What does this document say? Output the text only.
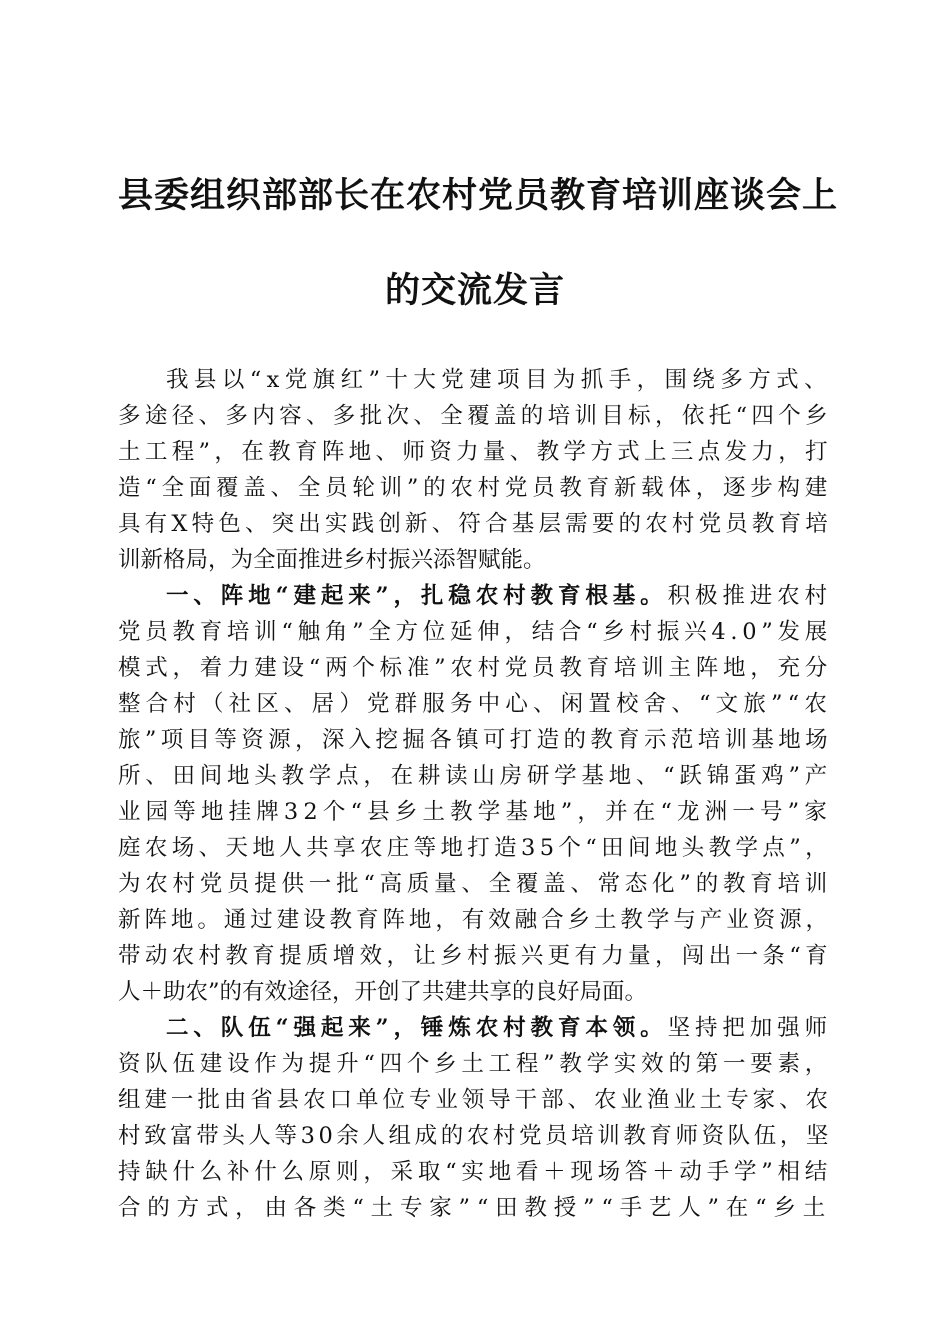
县委组织部部长在农村党员教育培训座谈会上
的交流发言
我县以“x党旗红”十大党建项目为抓手，围绕多方式、
多途径、多内容、多批次、全覆盖的培训目标，依托“四个乡
土工程”，在教育阵地、师资力量、教学方式上三点发力，打
造“全面覆盖、全员轮训”的农村党员教育新载体，逐步构建
具有X特色、突出实践创新、符合基层需要的农村党员教育培
训新格局，为全面推进乡村振兴添智赋能。
一、阵地“建起来”，扎稳农村教育根基。积极推进农村
党员教育培训“触角”全方位延伸，结合“乡村振兴4.0”发展
模式，着力建设“两个标准”农村党员教育培训主阵地，充分
整合村（社区、居）党群服务中心、闲置校舍、“文旅”“农
旅”项目等资源，深入挖掘各镇可打造的教育示范培训基地场
所、田间地头教学点，在耕读山房研学基地、“跃锦蛋鸡”产
业园等地挂牌32个“县乡土教学基地”，并在“龙洲一号”家
庭农场、天地人共享农庄等地打造35个“田间地头教学点”，
为农村党员提供一批“高质量、全覆盖、常态化”的教育培训
新阵地。通过建设教育阵地，有效融合乡土教学与产业资源，
带动农村教育提质增效，让乡村振兴更有力量，闯出一条“育
人＋助农”的有效途径，开创了共建共享的良好局面。
二、队伍“强起来”，锤炼农村教育本领。坚持把加强师
资队伍建设作为提升“四个乡土工程”教学实效的第一要素，
组建一批由省县农口单位专业领导干部、农业渔业土专家、农
村致富带头人等30余人组成的农村党员培训教育师资队伍，坚
持缺什么补什么原则，采取“实地看＋现场答＋动手学”相结
合的方式，由各类“土专家”“田教授”“手艺人”在“乡土
